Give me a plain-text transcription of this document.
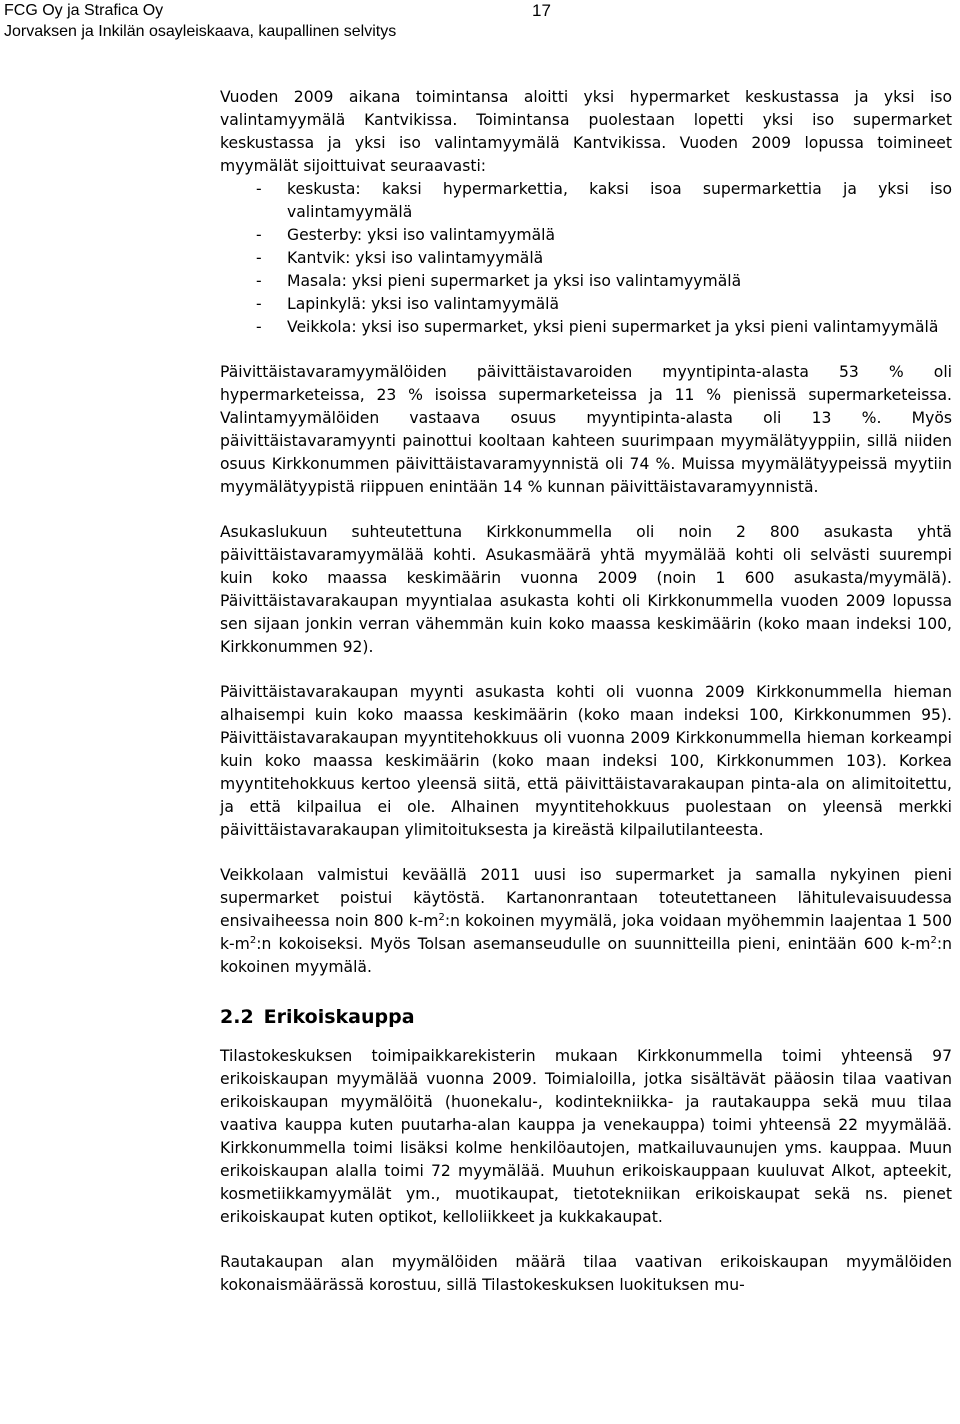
FCG Oy ja Strafica Oy
Jorvaksen ja Inkilän osayleiskaava, kaupallinen selvitys
17

Vuoden 2009 aikana toimintansa aloitti yksi hypermarket keskustassa ja yksi iso valintamyymälä Kantvikissa. Toimintansa puolestaan lopetti yksi iso supermarket keskustassa ja yksi iso valintamyymälä Kantvikissa. Vuoden 2009 lopussa toimineet myymälät sijoittuivat seuraavasti:

- keskusta: kaksi hypermarkettia, kaksi isoa supermarkettia ja yksi iso valintamyymälä
- Gesterby: yksi iso valintamyymälä
- Kantvik: yksi iso valintamyymälä
- Masala: yksi pieni supermarket ja yksi iso valintamyymälä
- Lapinkylä: yksi iso valintamyymälä
- Veikkola: yksi iso supermarket, yksi pieni supermarket ja yksi pieni valintamyymälä

Päivittäistavaramyymälöiden päivittäistavaroiden myyntipinta-alasta 53 % oli hypermarketeissa, 23 % isoissa supermarketeissa ja 11 % pienissä supermarketeissa. Valintamyymälöiden vastaava osuus myyntipinta-alasta oli 13 %. Myös päivittäistavaramyynti painottui kooltaan kahteen suurimpaan myymälätyyppiin, sillä niiden osuus Kirkkonummen päivittäistavaramyynnistä oli 74 %. Muissa myymälätyypeissä myytiin myymälätyypistä riippuen enintään 14 % kunnan päivittäistavaramyynnistä.

Asukaslukuun suhteutettuna Kirkkonummella oli noin 2 800 asukasta yhtä päivittäistavaramyymälää kohti. Asukasmäärä yhtä myymälää kohti oli selvästi suurempi kuin koko maassa keskimäärin vuonna 2009 (noin 1 600 asukasta/myymälä). Päivittäistavarakaupan myyntialaa asukasta kohti oli Kirkkonummella vuoden 2009 lopussa sen sijaan jonkin verran vähemmän kuin koko maassa keskimäärin (koko maan indeksi 100, Kirkkonummen 92).

Päivittäistavarakaupan myynti asukasta kohti oli vuonna 2009 Kirkkonummella hieman alhaisempi kuin koko maassa keskimäärin (koko maan indeksi 100, Kirkkonummen 95). Päivittäistavarakaupan myyntitehokkuus oli vuonna 2009 Kirkkonummella hieman korkeampi kuin koko maassa keskimäärin (koko maan indeksi 100, Kirkkonummen 103). Korkea myyntitehokkuus kertoo yleensä siitä, että päivittäistavarakaupan pinta-ala on alimitoitettu, ja että kilpailua ei ole. Alhainen myyntitehokkuus puolestaan on yleensä merkki päivittäistavarakaupan ylimitoituksesta ja kireästä kilpailutilanteesta.

Veikkolaan valmistui keväällä 2011 uusi iso supermarket ja samalla nykyinen pieni supermarket poistui käytöstä. Kartanonrantaan toteutettaneen lähitulevaisuudessa ensivaiheessa noin 800 $k-m^2:n$ kokoinen myymälä, joka voidaan myöhemmin laajentaa 1 500 $k-m^2:n$ kokoiseksi. Myös Tolsan asemanseudulle on suunnitteilla pieni, enintään 600 $k-m^2:n$ kokoinen myymälä.

2.2 Erikoiskauppa

Tilastokeskuksen toimipaikkarekisterin mukaan Kirkkonummella toimi yhteensä 97 erikoiskaupan myymälää vuonna 2009. Toimialoilla, jotka sisältävät pääosin tilaa vaativan erikoiskaupan myymälöitä (huonekalu-, kodintekniikka- ja rautakauppa sekä muu tilaa vaativa kauppa kuten puutarha-alan kauppa ja venekauppa) toimi yhteensä 22 myymälää. Kirkkonummella toimi lisäksi kolme henkilöautojen, matkailuvaunujen yms. kauppaa. Muun erikoiskaupan alalla toimi 72 myymälää. Muuhun erikoiskauppaan kuuluvat Alkot, apteekit, kosmetiikkamyymälät ym., muotikaupat, tietotekniikan erikoiskaupat sekä ns. pienet erikoiskaupat kuten optikot, kelloliikkeet ja kukkakaupat.

Rautakaupan alan myymälöiden määrä tilaa vaativan erikoiskaupan myymälöiden kokonaismäärässä korostuu, sillä Tilastokeskuksen luokituksen mu-
